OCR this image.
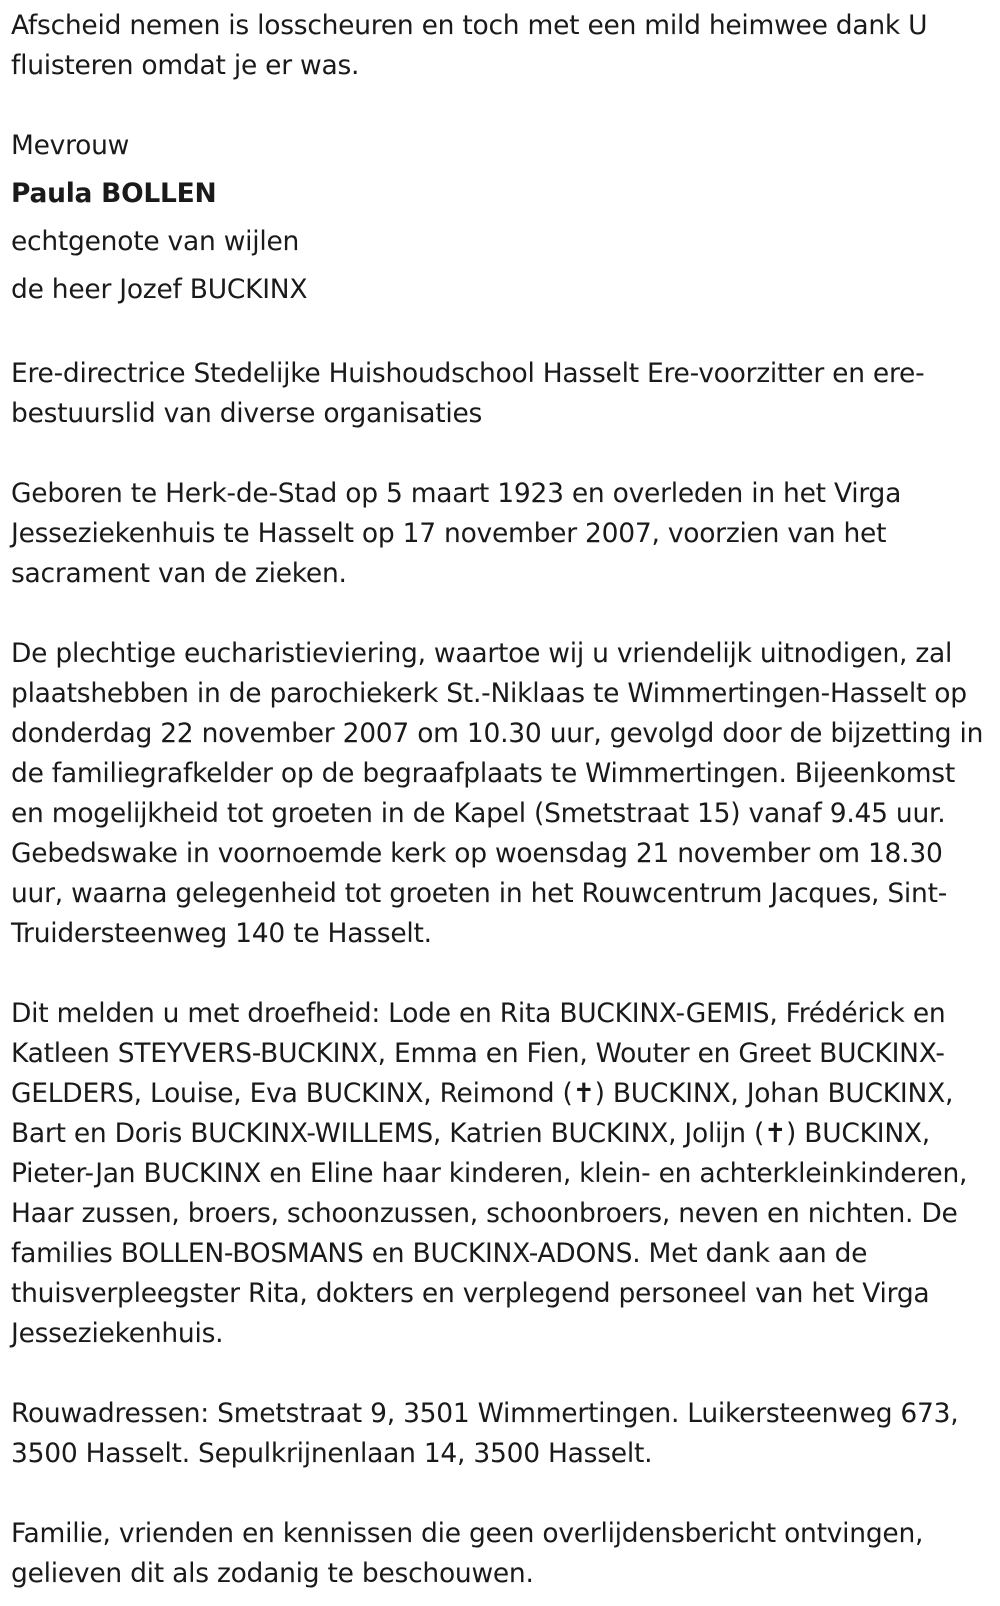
Afscheid nemen is losscheuren en toch met een mild heimwee dank U fluisteren omdat je er was.

Mevrouw
Paula BOLLEN
echtgenote van wijlen
de heer Jozef BUCKINX

Ere-directrice Stedelijke Huishoudschool Hasselt Ere-voorzitter en ere-bestuurslid van diverse organisaties

Geboren te Herk-de-Stad op 5 maart 1923 en overleden in het Virga Jesseziekenhuis te Hasselt op 17 november 2007, voorzien van het sacrament van de zieken.

De plechtige eucharistieviering, waartoe wij u vriendelijk uitnodigen, zal plaatshebben in de parochiekerk St.-Niklaas te Wimmertingen-Hasselt op donderdag 22 november 2007 om 10.30 uur, gevolgd door de bijzetting in de familiegrafkelder op de begraafplaats te Wimmertingen. Bijeenkomst en mogelijkheid tot groeten in de Kapel (Smetstraat 15) vanaf 9.45 uur. Gebedswake in voornoemde kerk op woensdag 21 november om 18.30 uur, waarna gelegenheid tot groeten in het Rouwcentrum Jacques, Sint-Truidersteenweg 140 te Hasselt.

Dit melden u met droefheid: Lode en Rita BUCKINX-GEMIS, Frédérick en Katleen STEYVERS-BUCKINX, Emma en Fien, Wouter en Greet BUCKINX-GELDERS, Louise, Eva BUCKINX, Reimond (✝) BUCKINX, Johan BUCKINX, Bart en Doris BUCKINX-WILLEMS, Katrien BUCKINX, Jolijn (✝) BUCKINX, Pieter-Jan BUCKINX en Eline haar kinderen, klein- en achterkleinkinderen, Haar zussen, broers, schoonzussen, schoonbroers, neven en nichten. De families BOLLEN-BOSMANS en BUCKINX-ADONS. Met dank aan de thuisverpleegster Rita, dokters en verplegend personeel van het Virga Jesseziekenhuis.

Rouwadressen: Smetstraat 9, 3501 Wimmertingen. Luikersteenweg 673, 3500 Hasselt. Sepulkrijnenlaan 14, 3500 Hasselt.

Familie, vrienden en kennissen die geen overlijdensbericht ontvingen, gelieven dit als zodanig te beschouwen.
